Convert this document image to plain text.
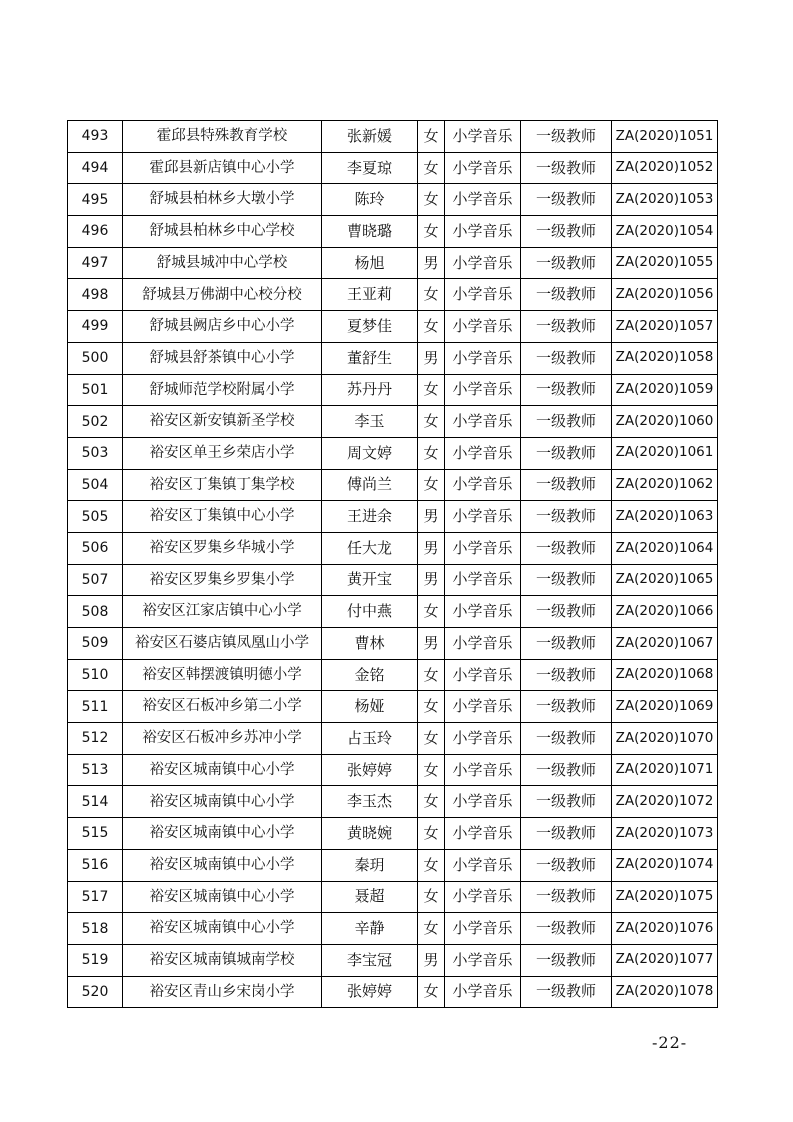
493	霍邱县特殊教育学校	张新媛	女	小学音乐	一级教师	ZA(2020)1051
494	霍邱县新店镇中心小学	李夏琼	女	小学音乐	一级教师	ZA(2020)1052
495	舒城县柏林乡大墩小学	陈玲	女	小学音乐	一级教师	ZA(2020)1053
496	舒城县柏林乡中心学校	曹晓璐	女	小学音乐	一级教师	ZA(2020)1054
497	舒城县城冲中心学校	杨旭	男	小学音乐	一级教师	ZA(2020)1055
498	舒城县万佛湖中心校分校	王亚莉	女	小学音乐	一级教师	ZA(2020)1056
499	舒城县阙店乡中心小学	夏梦佳	女	小学音乐	一级教师	ZA(2020)1057
500	舒城县舒茶镇中心小学	董舒生	男	小学音乐	一级教师	ZA(2020)1058
501	舒城师范学校附属小学	苏丹丹	女	小学音乐	一级教师	ZA(2020)1059
502	裕安区新安镇新圣学校	李玉	女	小学音乐	一级教师	ZA(2020)1060
503	裕安区单王乡荣店小学	周文婷	女	小学音乐	一级教师	ZA(2020)1061
504	裕安区丁集镇丁集学校	傅尚兰	女	小学音乐	一级教师	ZA(2020)1062
505	裕安区丁集镇中心小学	王进余	男	小学音乐	一级教师	ZA(2020)1063
506	裕安区罗集乡华城小学	任大龙	男	小学音乐	一级教师	ZA(2020)1064
507	裕安区罗集乡罗集小学	黄开宝	男	小学音乐	一级教师	ZA(2020)1065
508	裕安区江家店镇中心小学	付中燕	女	小学音乐	一级教师	ZA(2020)1066
509	裕安区石婆店镇凤凰山小学	曹林	男	小学音乐	一级教师	ZA(2020)1067
510	裕安区韩摆渡镇明德小学	金铭	女	小学音乐	一级教师	ZA(2020)1068
511	裕安区石板冲乡第二小学	杨娅	女	小学音乐	一级教师	ZA(2020)1069
512	裕安区石板冲乡苏冲小学	占玉玲	女	小学音乐	一级教师	ZA(2020)1070
513	裕安区城南镇中心小学	张婷婷	女	小学音乐	一级教师	ZA(2020)1071
514	裕安区城南镇中心小学	李玉杰	女	小学音乐	一级教师	ZA(2020)1072
515	裕安区城南镇中心小学	黄晓婉	女	小学音乐	一级教师	ZA(2020)1073
516	裕安区城南镇中心小学	秦玥	女	小学音乐	一级教师	ZA(2020)1074
517	裕安区城南镇中心小学	聂超	女	小学音乐	一级教师	ZA(2020)1075
518	裕安区城南镇中心小学	辛静	女	小学音乐	一级教师	ZA(2020)1076
519	裕安区城南镇城南学校	李宝冠	男	小学音乐	一级教师	ZA(2020)1077
520	裕安区青山乡宋岗小学	张婷婷	女	小学音乐	一级教师	ZA(2020)1078
-22-
